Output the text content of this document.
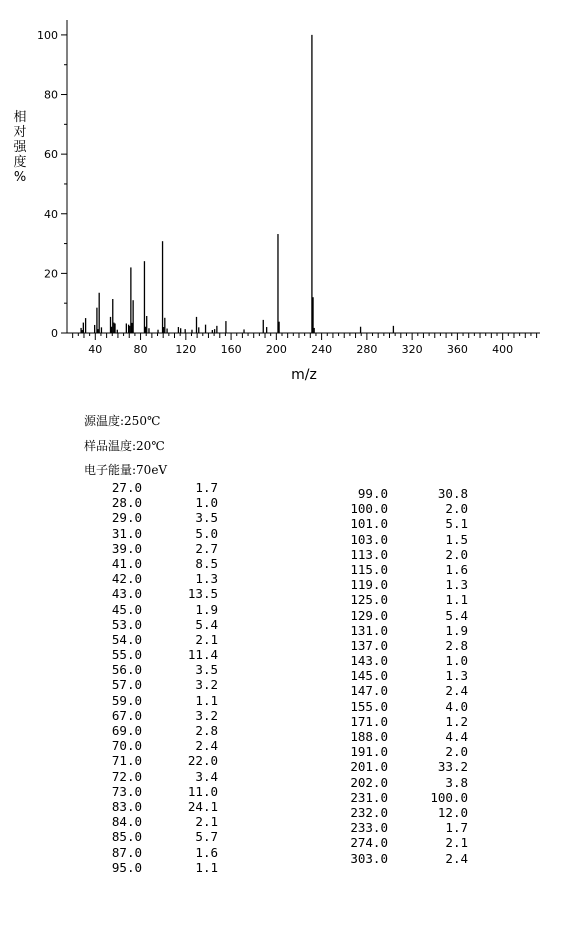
0
20
40
60
80
100
40	80	120 160 200 240 280 320 360 400
相
对
强
度
%
m/z
源温度:250℃
样品温度:20℃
电子能量:70eV
27.0	1.7
28.0	1.0
29.0	3.5
31.0	5.0
39.0	2.7
41.0	8.5
42.0	1.3
43.0	13.5
45.0	1.9
53.0	5.4
54.0	2.1
55.0	11.4
56.0	3.5
57.0	3.2
59.0	1.1
67.0	3.2
69.0	2.8
70.0	2.4
71.0	22.0
72.0	3.4
73.0	11.0
83.0	24.1
84.0	2.1
85.0	5.7
87.0	1.6
95.0	1.1
99.0	30.8
100.0	2.0
101.0	5.1
103.0	1.5
113.0	2.0
115.0	1.6
119.0	1.3
125.0	1.1
129.0	5.4
131.0	1.9
137.0	2.8
143.0	1.0
145.0	1.3
147.0	2.4
155.0	4.0
171.0	1.2
188.0	4.4
191.0	2.0
201.0	33.2
202.0	3.8
231.0	100.0
232.0	12.0
233.0	1.7
274.0	2.1
303.0	2.4
